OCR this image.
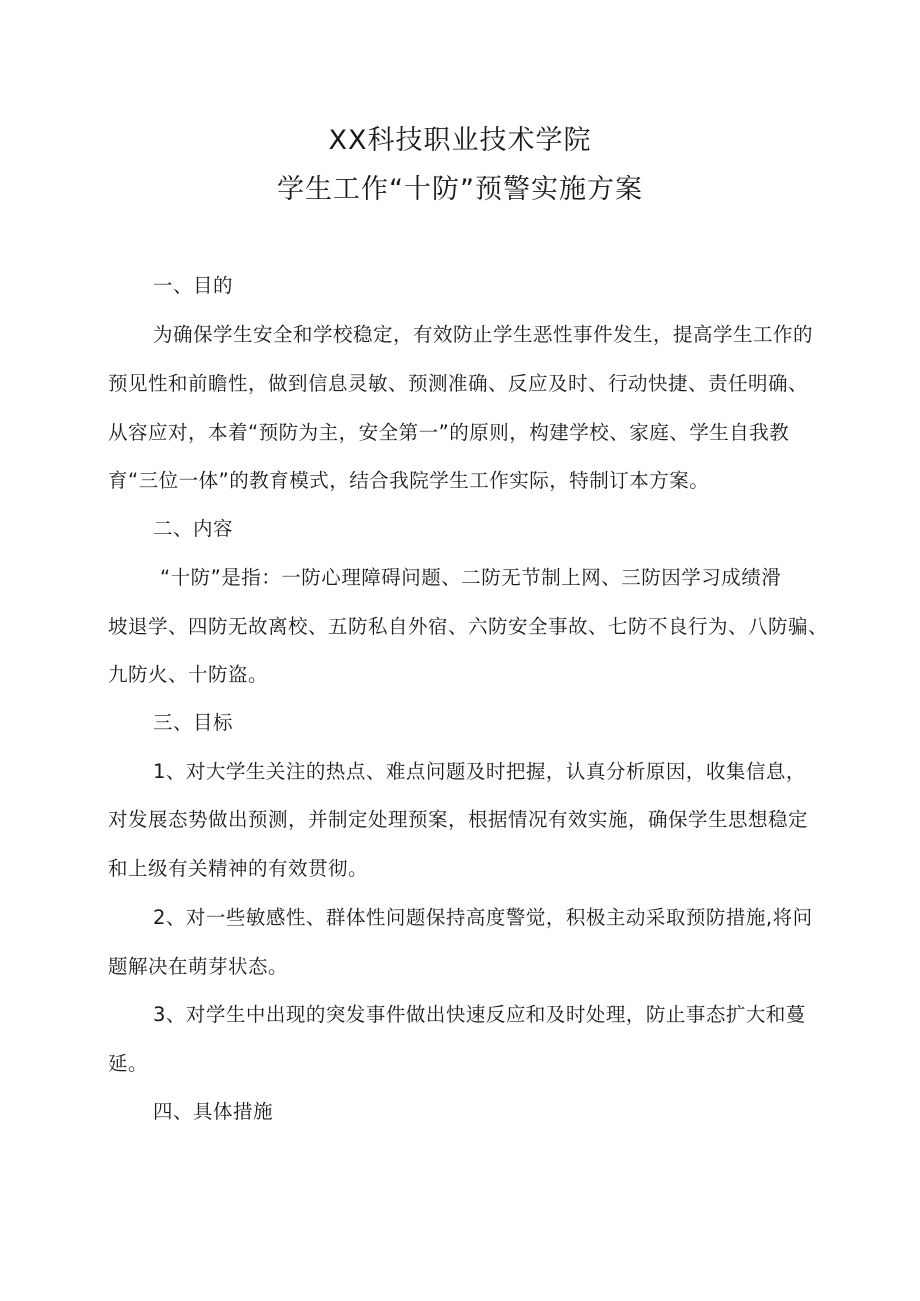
XX科技职业技术学院
学生工作“十防”预警实施方案
一、目的
为确保学生安全和学校稳定，有效防止学生恶性事件发生，提高学生工作的
预见性和前瞻性，做到信息灵敏、预测准确、反应及时、行动快捷、责任明确、
从容应对，本着“预防为主，安全第一”的原则，构建学校、家庭、学生自我教
育“三位一体”的教育模式，结合我院学生工作实际，特制订本方案。
二、内容
“十防”是指：一防心理障碍问题、二防无节制上网、三防因学习成绩滑
坡退学、四防无故离校、五防私自外宿、六防安全事故、七防不良行为、八防骗、
九防火、十防盗。
三、目标
1、对大学生关注的热点、难点问题及时把握，认真分析原因，收集信息，
对发展态势做出预测，并制定处理预案，根据情况有效实施，确保学生思想稳定
和上级有关精神的有效贯彻。
2、对一些敏感性、群体性问题保持高度警觉，积极主动采取预防措施,将问
题解决在萌芽状态。
3、对学生中出现的突发事件做出快速反应和及时处理，防止事态扩大和蔓
延。
四、具体措施
